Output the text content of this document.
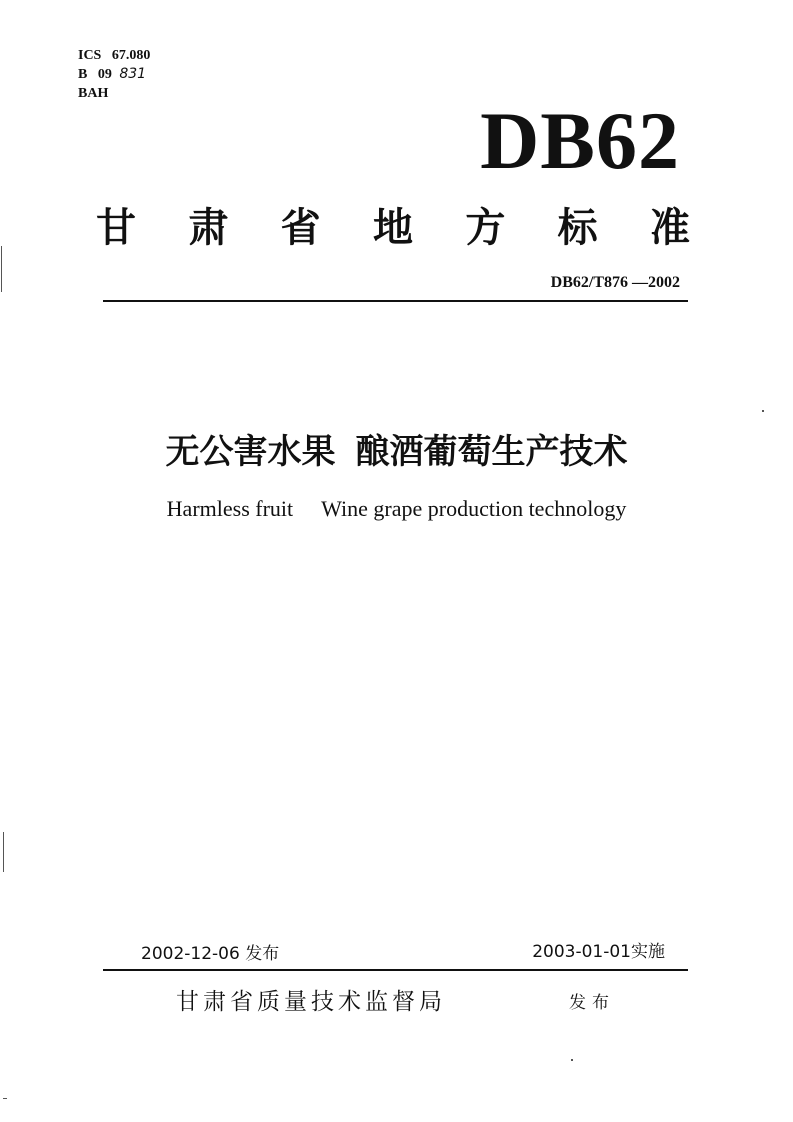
ICS 67.080
B 09 831
BAH
DB62
甘 肃 省 地 方 标 准
DB62/T876 —2002
无公害水果 酿酒葡萄生产技术
Harmless fruit Wine grape production technology
2002-12-06 发布	2003-01-01实施
甘肃省质量技术监督局	发布
